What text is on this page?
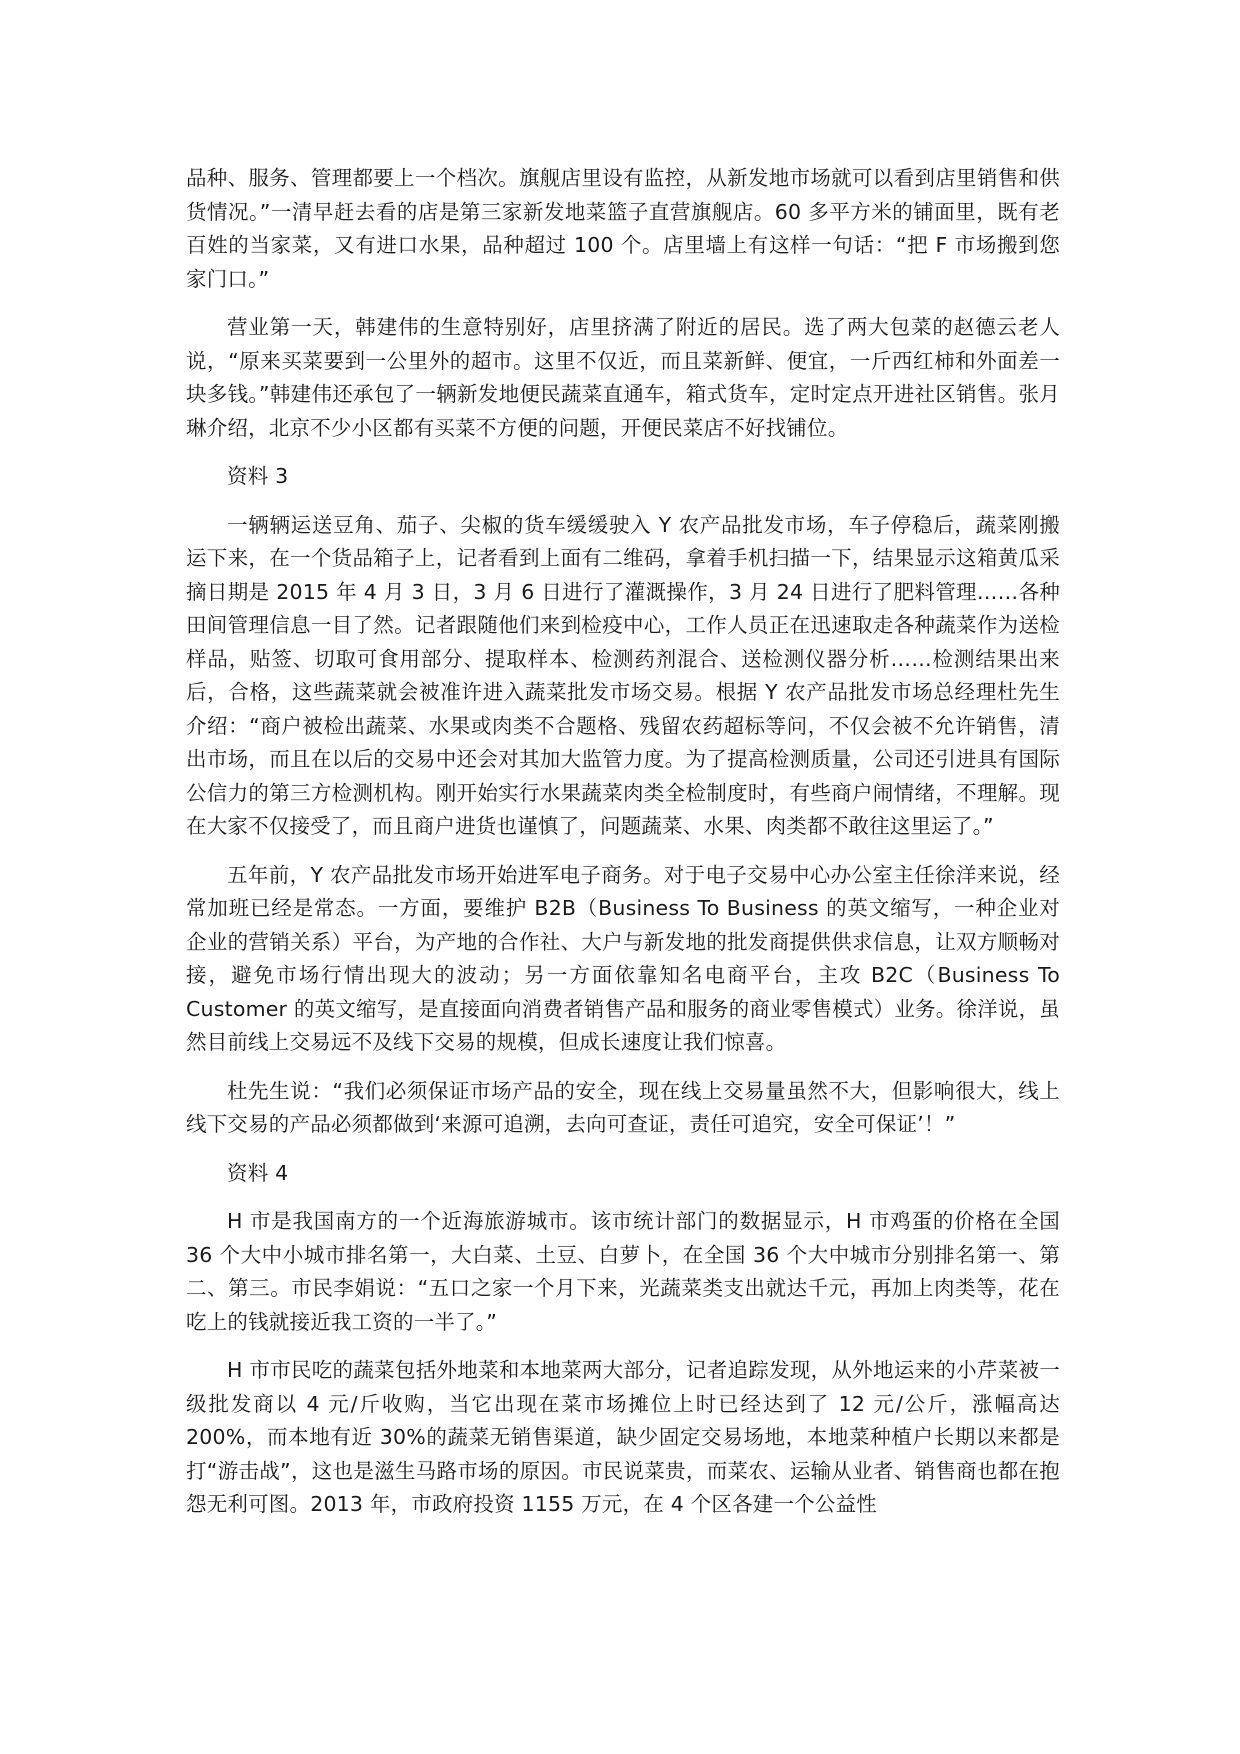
品种、服务、管理都要上一个档次。旗舰店里设有监控，从新发地市场就可以看到店里销售和供货情况。”一清早赶去看的店是第三家新发地菜篮子直营旗舰店。60 多平方米的铺面里，既有老百姓的当家菜，又有进口水果，品种超过 100 个。店里墙上有这样一句话：“把 F 市场搬到您家门口。”

营业第一天，韩建伟的生意特别好，店里挤满了附近的居民。选了两大包菜的赵德云老人说，“原来买菜要到一公里外的超市。这里不仅近，而且菜新鲜、便宜，一斤西红柿和外面差一块多钱。”韩建伟还承包了一辆新发地便民蔬菜直通车，箱式货车，定时定点开进社区销售。张月琳介绍，北京不少小区都有买菜不方便的问题，开便民菜店不好找铺位。

资料 3

一辆辆运送豆角、茄子、尖椒的货车缓缓驶入 Y 农产品批发市场，车子停稳后，蔬菜刚搬运下来，在一个货品箱子上，记者看到上面有二维码，拿着手机扫描一下，结果显示这箱黄瓜采摘日期是 2015 年 4 月 3 日，3 月 6 日进行了灌溉操作，3 月 24 日进行了肥料管理……各种田间管理信息一目了然。记者跟随他们来到检疫中心，工作人员正在迅速取走各种蔬菜作为送检样品，贴签、切取可食用部分、提取样本、检测药剂混合、送检测仪器分析……检测结果出来后，合格，这些蔬菜就会被准许进入蔬菜批发市场交易。根据 Y 农产品批发市场总经理杜先生介绍：“商户被检出蔬菜、水果或肉类不合题格、残留农药超标等问，不仅会被不允许销售，清出市场，而且在以后的交易中还会对其加大监管力度。为了提高检测质量，公司还引进具有国际公信力的第三方检测机构。刚开始实行水果蔬菜肉类全检制度时，有些商户闹情绪，不理解。现在大家不仅接受了，而且商户进货也谨慎了，问题蔬菜、水果、肉类都不敢往这里运了。”

五年前，Y 农产品批发市场开始进军电子商务。对于电子交易中心办公室主任徐洋来说，经常加班已经是常态。一方面，要维护 B2B（Business To Business 的英文缩写，一种企业对企业的营销关系）平台，为产地的合作社、大户与新发地的批发商提供供求信息，让双方顺畅对接，避免市场行情出现大的波动；另一方面依靠知名电商平台，主攻 B2C（Business To Customer 的英文缩写，是直接面向消费者销售产品和服务的商业零售模式）业务。徐洋说，虽然目前线上交易远不及线下交易的规模，但成长速度让我们惊喜。

杜先生说：“我们必须保证市场产品的安全，现在线上交易量虽然不大，但影响很大，线上线下交易的产品必须都做到‘来源可追溯，去向可查证，责任可追究，安全可保证’！”

资料 4

H 市是我国南方的一个近海旅游城市。该市统计部门的数据显示，H 市鸡蛋的价格在全国 36 个大中小城市排名第一，大白菜、土豆、白萝卜，在全国 36 个大中城市分别排名第一、第二、第三。市民李娟说：“五口之家一个月下来，光蔬菜类支出就达千元，再加上肉类等，花在吃上的钱就接近我工资的一半了。”

H 市市民吃的蔬菜包括外地菜和本地菜两大部分，记者追踪发现，从外地运来的小芹菜被一级批发商以 4 元/斤收购，当它出现在菜市场摊位上时已经达到了 12 元/公斤，涨幅高达 200%，而本地有近 30%的蔬菜无销售渠道，缺少固定交易场地，本地菜种植户长期以来都是打“游击战”，这也是滋生马路市场的原因。市民说菜贵，而菜农、运输从业者、销售商也都在抱怨无利可图。2013 年，市政府投资 1155 万元，在 4 个区各建一个公益性
